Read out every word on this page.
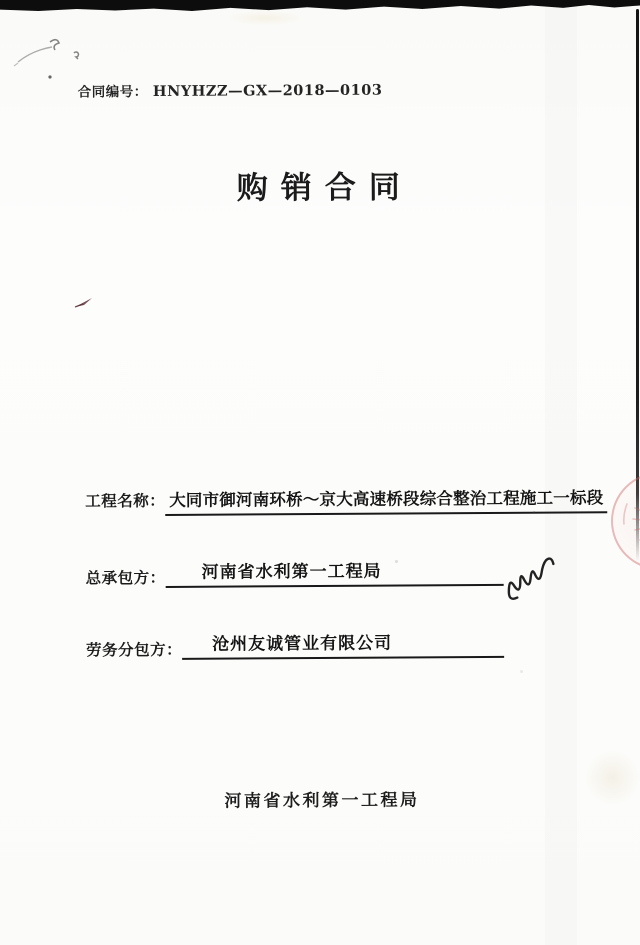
合同编号： HNYHZZ—GX—2018—0103
购销合同
工程名称： 大同市御河南环桥～京大高速桥段综合整治工程施工一标段
总承包方： 河南省水利第一工程局
劳务分包方： 沧州友诚管业有限公司
河南省水利第一工程局
